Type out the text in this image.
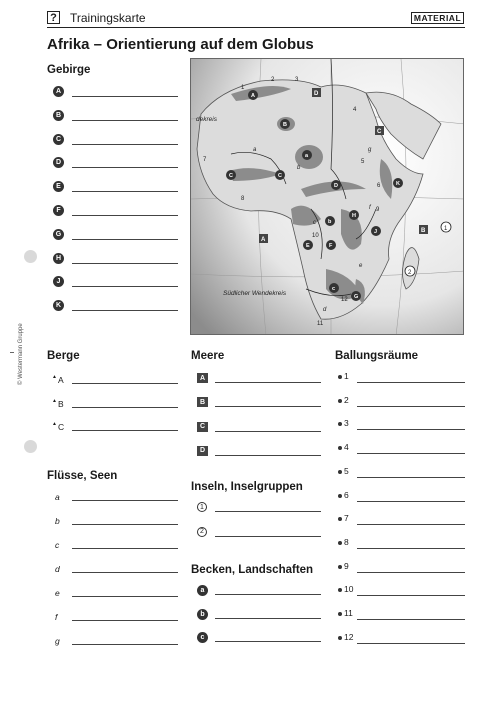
? Trainingskarte	MATERIAL
Afrika – Orientierung auf dem Globus
© Westermann Gruppe
Gebirge
A
B
C
D
E
F
G
H
J
K
dekreis
Südlicher Wendekreis
A
B
C
D
A
B
C	C
D
E	F
G
H
J
K
a
b
c
1
2
1
2	3
4
5
6
7
8
9
10
11
12
a
b
c
d
e
f
g
Berge
▲ A
▲ B
▲ C
Flüsse, Seen
a
b
c
d
e
f
g
Meere
A
B
C
D
Inseln, Inselgruppen
1
2
Becken, Landschaften
a
b
c
Ballungsräume
1
2
3
4
5
6
7
8
9
10
11
12
